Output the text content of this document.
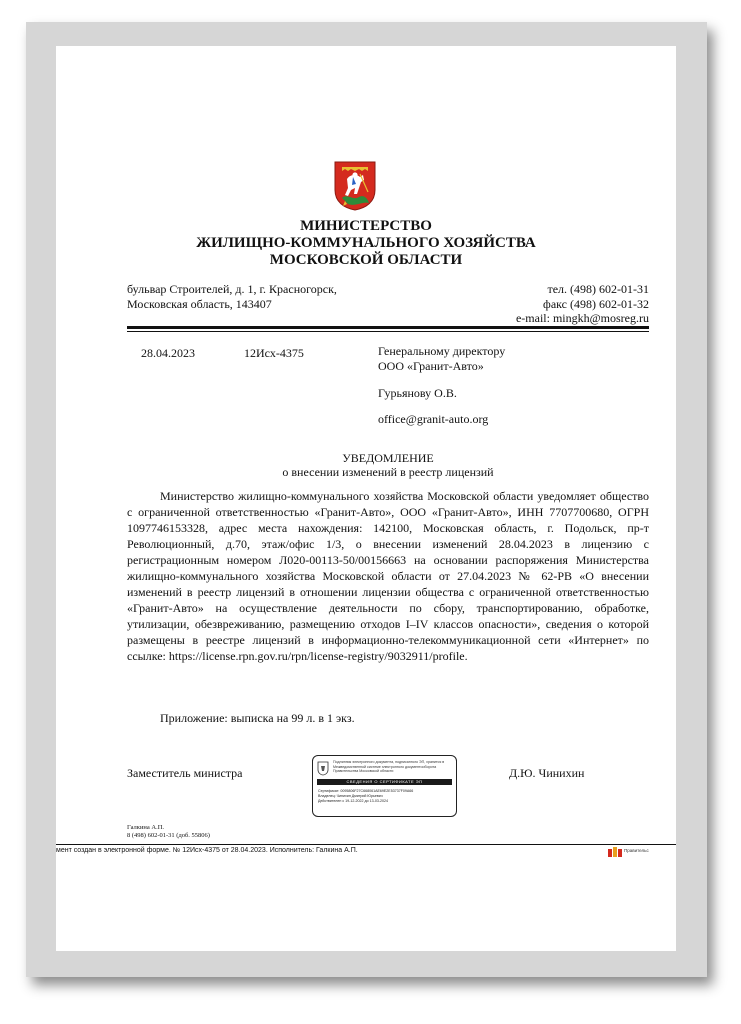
МИНИСТЕРСТВО
ЖИЛИЩНО-КОММУНАЛЬНОГО ХОЗЯЙСТВА
МОСКОВСКОЙ ОБЛАСТИ
бульвар Строителей, д. 1, г. Красногорск,
Московская область, 143407
тел. (498) 602-01-31
факс (498) 602-01-32
e-mail: mingkh@mosreg.ru
28.04.2023	12Исх-4375	Генеральному директору
ООО «Гранит-Авто»
Гурьянову О.В.
office@granit-auto.org
УВЕДОМЛЕНИЕ
о внесении изменений в реестр лицензий

Министерство жилищно-коммунального хозяйства Московской области уведомляет общество с ограниченной ответственностью «Гранит-Авто», ООО «Гранит-Авто», ИНН 7707700680, ОГРН 1097746153328, адрес места нахождения: 142100, Московская область, г. Подольск, пр-т Революционный, д.70, этаж/офис 1/3, о внесении изменений 28.04.2023 в лицензию с регистрационным номером Л020-00113-50/00156663 на основании распоряжения Министерства жилищно-коммунального хозяйства Московской области от 27.04.2023 № 62-РВ «О внесении изменений в реестр лицензий в отношении лицензии общества с ограниченной ответственностью «Гранит-Авто» на осуществление деятельности по сбору, транспортированию, обработке, утилизации, обезвреживанию, размещению отходов I–IV классов опасности», сведения о которой размещены в реестре лицензий в информационно-телекоммуникационной сети «Интернет» по ссылке: https://license.rpn.gov.ru/rpn/license-registry/9032911/profile.

Приложение: выписка на 99 л. в 1 экз.
Заместитель министра	Д.Ю. Чинихин
Подлинник электронного документа, подписанного ЭП, хранится в Межведомственной системе электронного документооборота Правительства Московской области
СВЕДЕНИЯ О СЕРТИФИКАТЕ ЭП
Сертификат: 0095806F27C668061AE69E2E53737F09A66
Владелец: Чинихин Дмитрий Юрьевич
Действителен с 19-12-2022 до 13-03-2024
Галкина А.П.
8 (498) 602-01-31 (доб. 55806)
мент создан в электронной форме. № 12Исх-4375 от 28.04.2023. Исполнитель: Галкина А.П.	Правительс
